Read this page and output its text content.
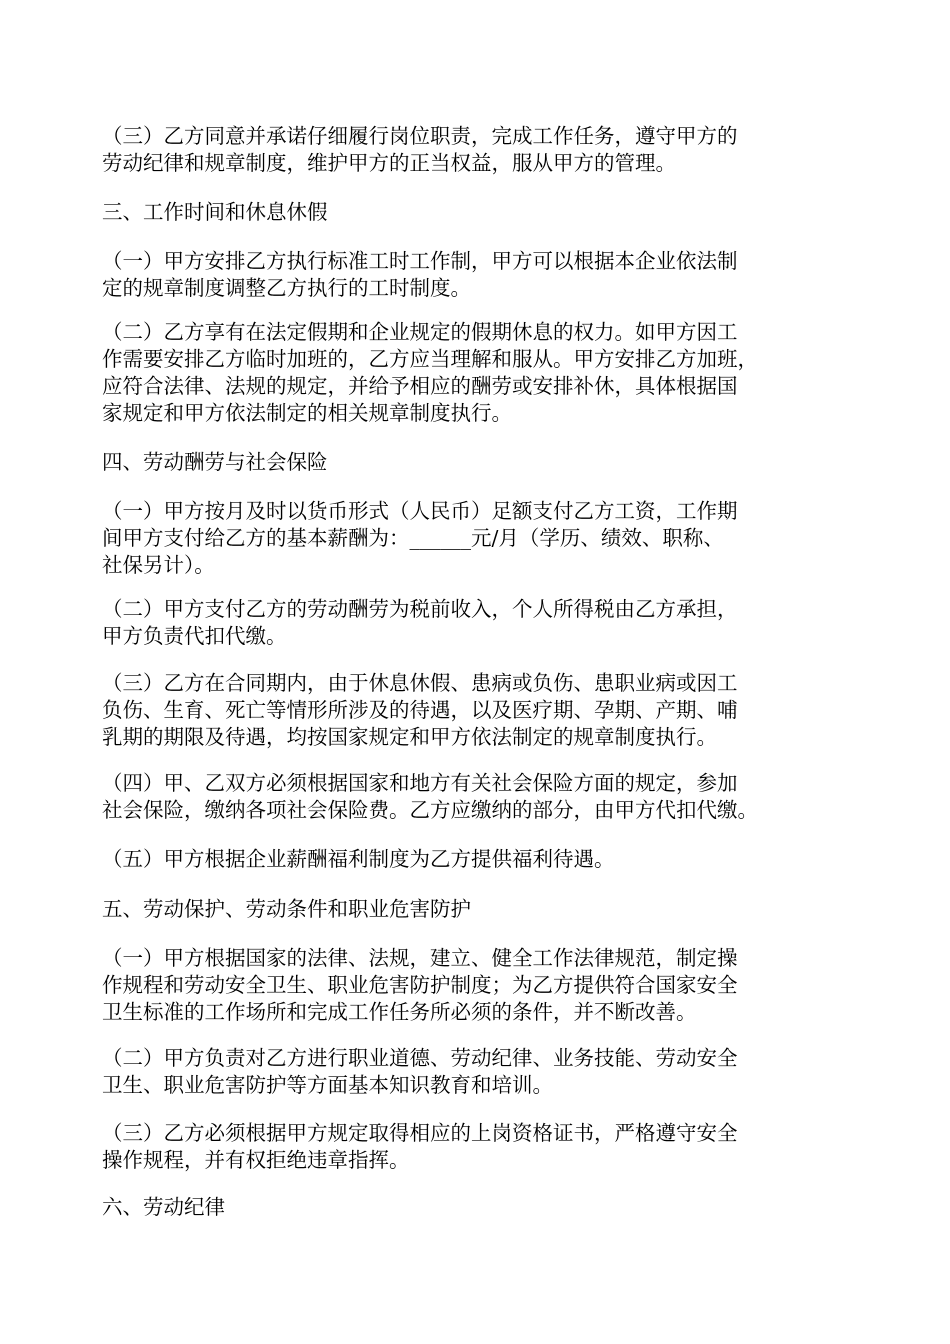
（三）乙方同意并承诺仔细履行岗位职责，完成工作任务，遵守甲方的
劳动纪律和规章制度，维护甲方的正当权益，服从甲方的管理。
三、工作时间和休息休假
（一）甲方安排乙方执行标准工时工作制，甲方可以根据本企业依法制
定的规章制度调整乙方执行的工时制度。
（二）乙方享有在法定假期和企业规定的假期休息的权力。如甲方因工
作需要安排乙方临时加班的，乙方应当理解和服从。甲方安排乙方加班，
应符合法律、法规的规定，并给予相应的酬劳或安排补休，具体根据国
家规定和甲方依法制定的相关规章制度执行。
四、劳动酬劳与社会保险
（一）甲方按月及时以货币形式（人民币）足额支付乙方工资，工作期
间甲方支付给乙方的基本薪酬为：______元/月（学历、绩效、职称、
社保另计）。
（二）甲方支付乙方的劳动酬劳为税前收入，个人所得税由乙方承担，
甲方负责代扣代缴。
（三）乙方在合同期内，由于休息休假、患病或负伤、患职业病或因工
负伤、生育、死亡等情形所涉及的待遇，以及医疗期、孕期、产期、哺
乳期的期限及待遇，均按国家规定和甲方依法制定的规章制度执行。
（四）甲、乙双方必须根据国家和地方有关社会保险方面的规定，参加
社会保险，缴纳各项社会保险费。乙方应缴纳的部分，由甲方代扣代缴。
（五）甲方根据企业薪酬福利制度为乙方提供福利待遇。
五、劳动保护、劳动条件和职业危害防护
（一）甲方根据国家的法律、法规，建立、健全工作法律规范，制定操
作规程和劳动安全卫生、职业危害防护制度；为乙方提供符合国家安全
卫生标准的工作场所和完成工作任务所必须的条件，并不断改善。
（二）甲方负责对乙方进行职业道德、劳动纪律、业务技能、劳动安全
卫生、职业危害防护等方面基本知识教育和培训。
（三）乙方必须根据甲方规定取得相应的上岗资格证书，严格遵守安全
操作规程，并有权拒绝违章指挥。
六、劳动纪律
